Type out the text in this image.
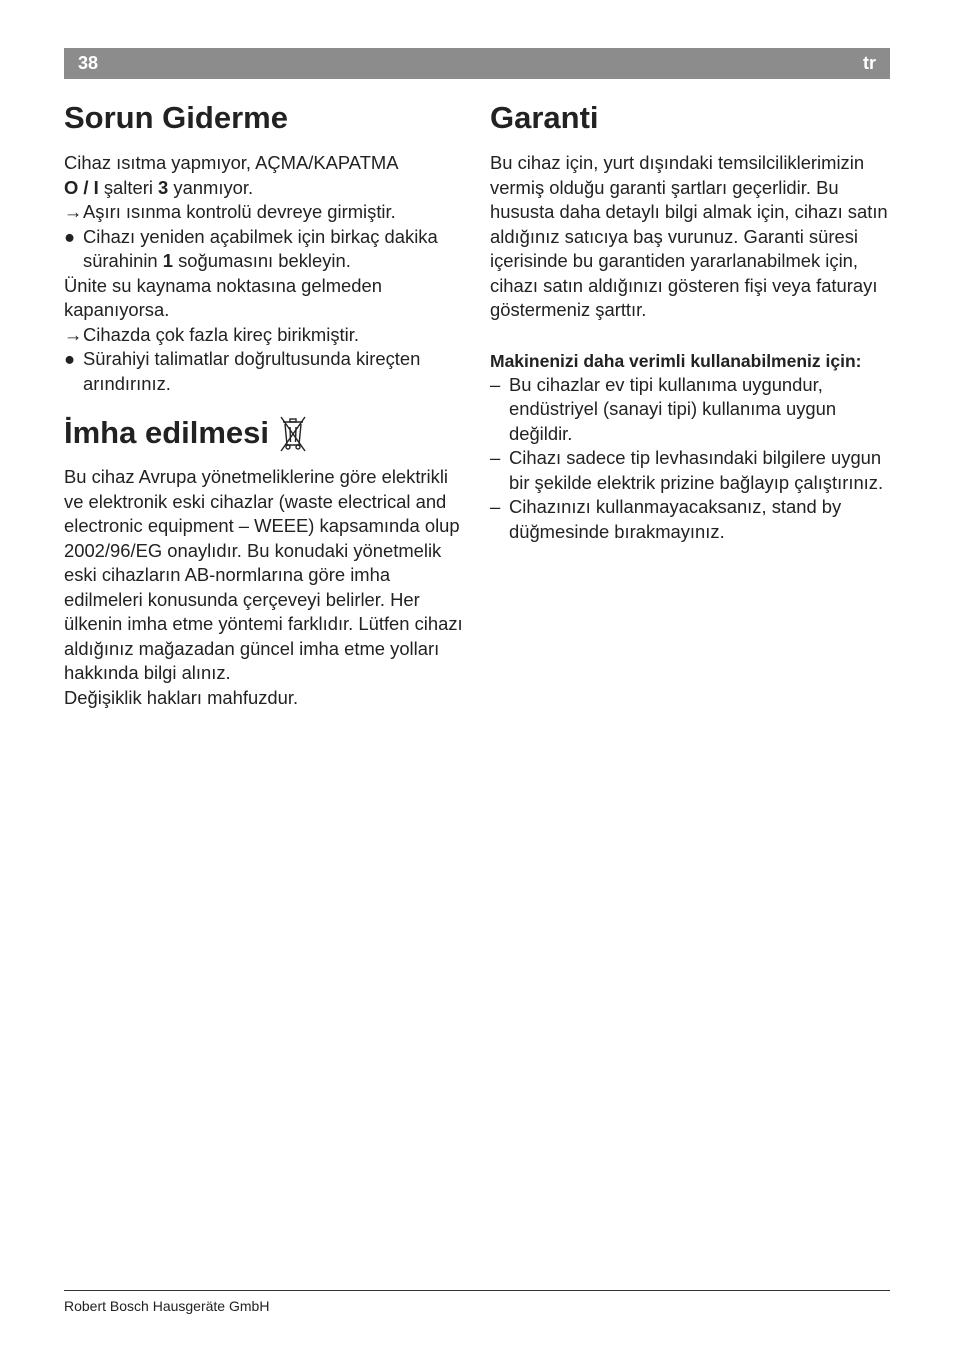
38	tr
Sorun Giderme

Cihaz ısıtma yapmıyor, AÇMA/KAPATMA
O / I şalteri 3 yanmıyor.

→ Aşırı ısınma kontrolü devreye girmiştir.
● Cihazı yeniden açabilmek için birkaç dakika sürahinin 1 soğumasını bekleyin.

Ünite su kaynama noktasına gelmeden kapanıyorsa.

→ Cihazda çok fazla kireç birikmiştir.
● Sürahiyi talimatlar doğrultusunda kireçten arındırınız.
İmha edilmesi

Bu cihaz Avrupa yönetmeliklerine göre elektrikli ve elektronik eski cihazlar (waste electrical and electronic equipment – WEEE) kapsamında olup 2002/96/EG onaylıdır. Bu konudaki yönetmelik eski cihazların AB-normlarına göre imha edilmeleri konusunda çerçeveyi belirler. Her ülkenin imha etme yöntemi farklıdır. Lütfen cihazı aldığınız mağazadan güncel imha etme yolları hakkında bilgi alınız.

Değişiklik hakları mahfuzdur.

Garanti

Bu cihaz için, yurt dışındaki temsilciliklerimizin vermiş olduğu garanti şartları geçerlidir. Bu hususta daha detaylı bilgi almak için, cihazı satın aldığınız satıcıya baş vurunuz. Garanti süresi içerisinde bu garantiden yararlanabilmek için, cihazı satın aldığınızı gösteren fişi veya faturayı göstermeniz şarttır.

Makinenizi daha verimli kullanabilmeniz için:
– Bu cihazlar ev tipi kullanıma uygundur, endüstriyel (sanayi tipi) kullanıma uygun değildir.
– Cihazı sadece tip levhasındaki bilgilere uygun bir şekilde elektrik prizine bağlayıp çalıştırınız.
– Cihazınızı kullanmayacaksanız, stand by düğmesinde bırakmayınız.
Robert Bosch Hausgeräte GmbH
